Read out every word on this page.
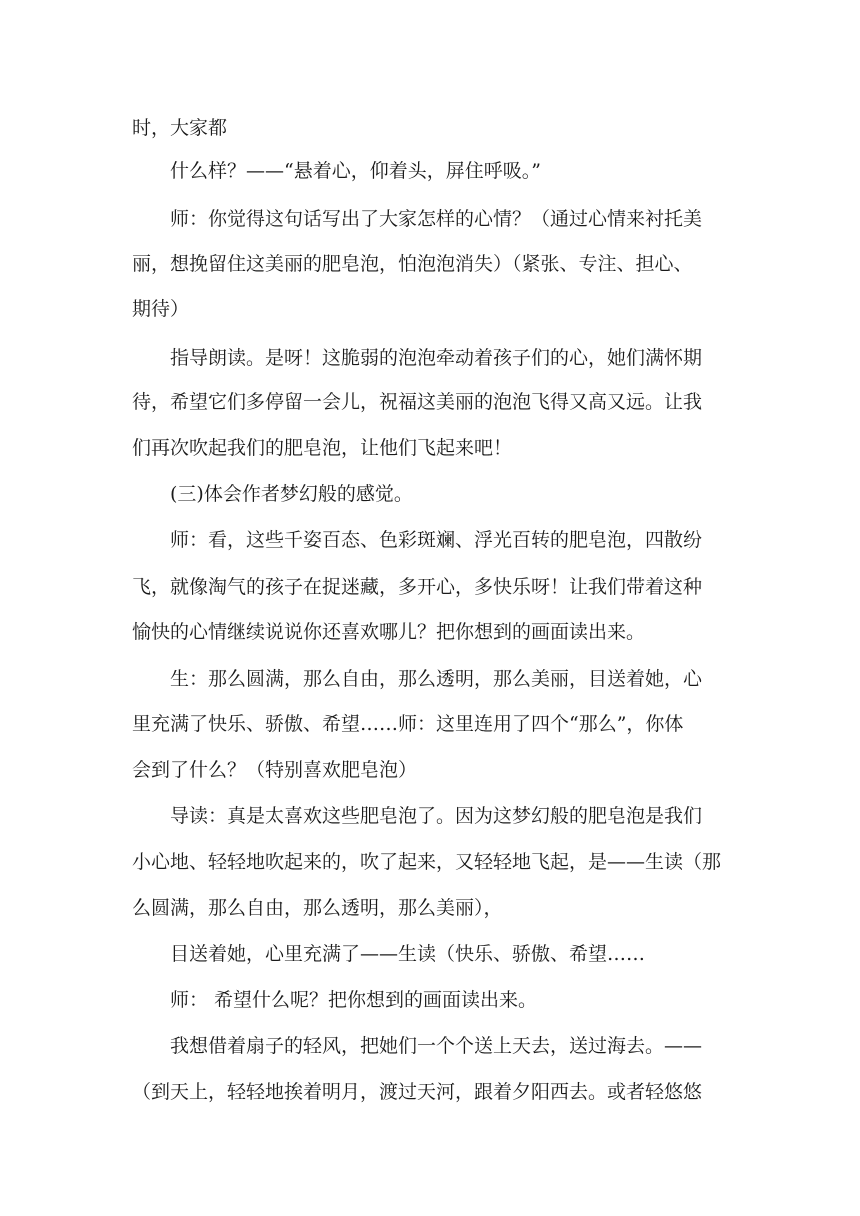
时，大家都
什么样？——“悬着心，仰着头，屏住呼吸。”
师：你觉得这句话写出了大家怎样的心情？（通过心情来衬托美
丽，想挽留住这美丽的肥皂泡，怕泡泡消失）（紧张、专注、担心、
期待）
指导朗读。是呀！这脆弱的泡泡牵动着孩子们的心，她们满怀期
待，希望它们多停留一会儿，祝福这美丽的泡泡飞得又高又远。让我
们再次吹起我们的肥皂泡，让他们飞起来吧！
(三)体会作者梦幻般的感觉。
师：看，这些千姿百态、色彩斑斓、浮光百转的肥皂泡，四散纷
飞，就像淘气的孩子在捉迷藏，多开心，多快乐呀！让我们带着这种
愉快的心情继续说说你还喜欢哪儿？把你想到的画面读出来。
生：那么圆满，那么自由，那么透明，那么美丽，目送着她，心
里充满了快乐、骄傲、希望……师：这里连用了四个“那么”，你体
会到了什么？（特别喜欢肥皂泡）
导读：真是太喜欢这些肥皂泡了。因为这梦幻般的肥皂泡是我们
小心地、轻轻地吹起来的，吹了起来，又轻轻地飞起，是——生读（那
么圆满，那么自由，那么透明，那么美丽），
目送着她，心里充满了——生读（快乐、骄傲、希望……
师： 希望什么呢？把你想到的画面读出来。
我想借着扇子的轻风，把她们一个个送上天去，送过海去。——
（到天上，轻轻地挨着明月，渡过天河，跟着夕阳西去。或者轻悠悠
